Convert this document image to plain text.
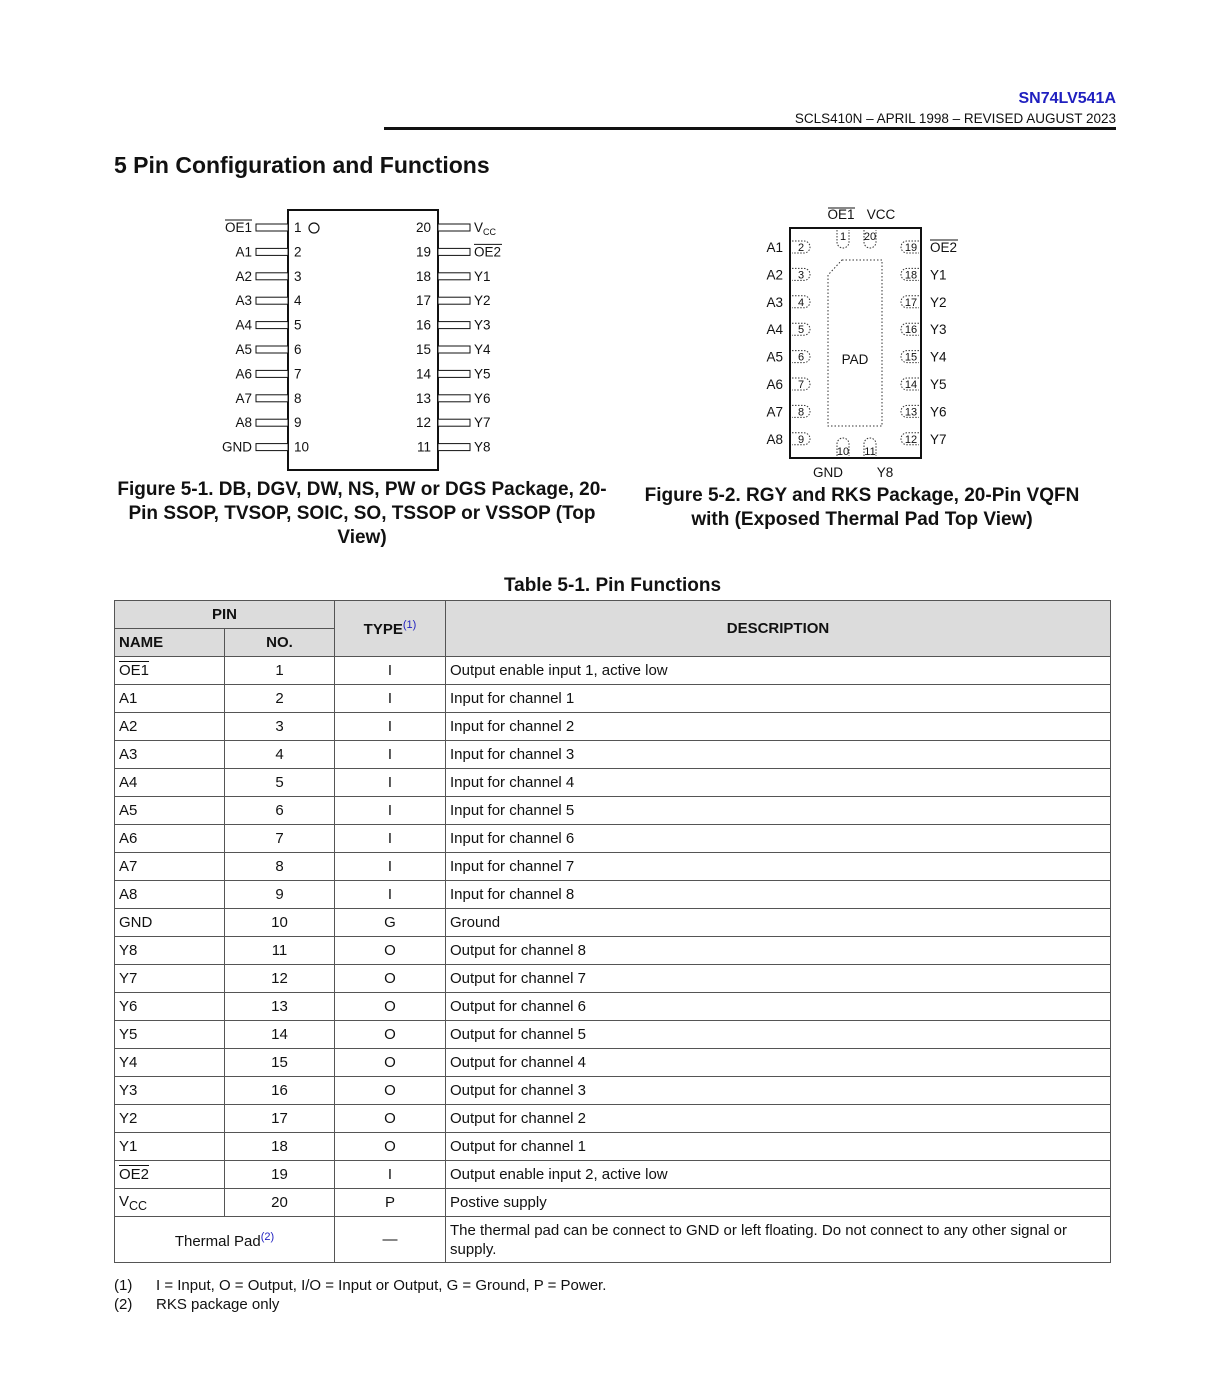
SN74LV541A
SCLS410N – APRIL 1998 – REVISED AUGUST 2023
5 Pin Configuration and Functions
OE1	1
A1	2
A2	3
A3	4
A4	5
A5	6
A6	7
A7	8
A8	9
GND	10
$V_{CC}$
20
OE2
19
Y1
18
Y2
17
Y3
16
Y4
15
Y5
14
Y6
13
Y7
12
Y8
11
PAD
OE1 VCC
1 20
10 11
GND Y8
2
A1
3
A2
4
A3
5
A4
6
A5
7
A6
8
A7
9
A8
19 OE2
18 Y1
17 Y2
16 Y3
15 Y4
14 Y5
13 Y6
12 Y7
Figure 5-1. DB, DGV, DW, NS, PW or DGS Package, 20-Pin SSOP, TVSOP, SOIC, SO, TSSOP or VSSOP (Top View)
Figure 5-2. RGY and RKS Package, 20-Pin VQFN with (Exposed Thermal Pad Top View)
Table 5-1. Pin Functions
PIN		TYPE$^{(1)}$	DESCRIPTION
NAME	NO.		
OE1	1	I	Output enable input 1, active low
A1	2	I	Input for channel 1
A2	3	I	Input for channel 2
A3	4	I	Input for channel 3
A4	5	I	Input for channel 4
A5	6	I	Input for channel 5
A6	7	I	Input for channel 6
A7	8	I	Input for channel 7
A8	9	I	Input for channel 8
GND	10	G	Ground
Y8	11	O	Output for channel 8
Y7	12	O	Output for channel 7
Y6	13	O	Output for channel 6
Y5	14	O	Output for channel 5
Y4	15	O	Output for channel 4
Y3	16	O	Output for channel 3
Y2	17	O	Output for channel 2
Y1	18	O	Output for channel 1
OE2	19	I	Output enable input 2, active low
$V_{CC}$	20	P	Postive supply
Thermal Pad$^{(2)}$		—	The thermal pad can be connect to GND or left floating. Do not connect to any other signal or supply.
(1)	I = Input, O = Output, I/O = Input or Output, G = Ground, P = Power.
(2)	RKS package only
